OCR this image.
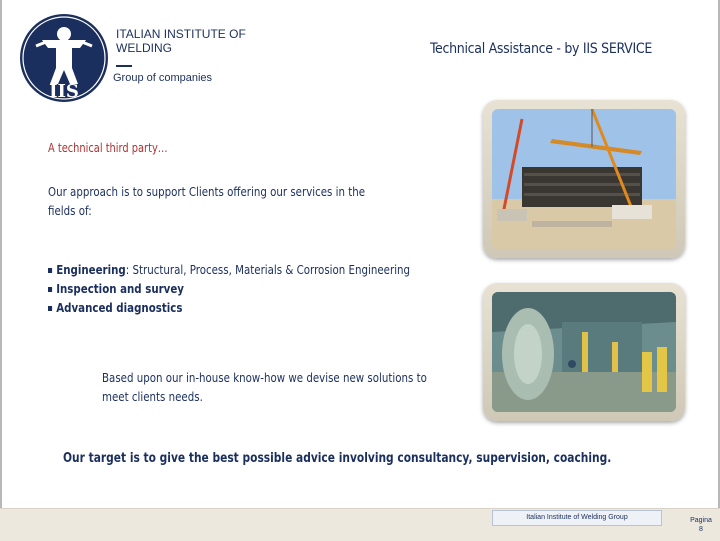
IIS
ITALIAN INSTITUTE OF WELDING
Group of companies
Technical Assistance - by IIS SERVICE
A technical third party…
Our approach is to support Clients offering our services in the fields of:
Engineering: Structural, Process, Materials & Corrosion Engineering
Inspection and survey
Advanced diagnostics
Based upon our in-house know-how we devise new solutions to meet clients needs.
Our target is to give the best possible advice involving consultancy, supervision, coaching.
Italian Institute of Welding Group	Pagina
8
